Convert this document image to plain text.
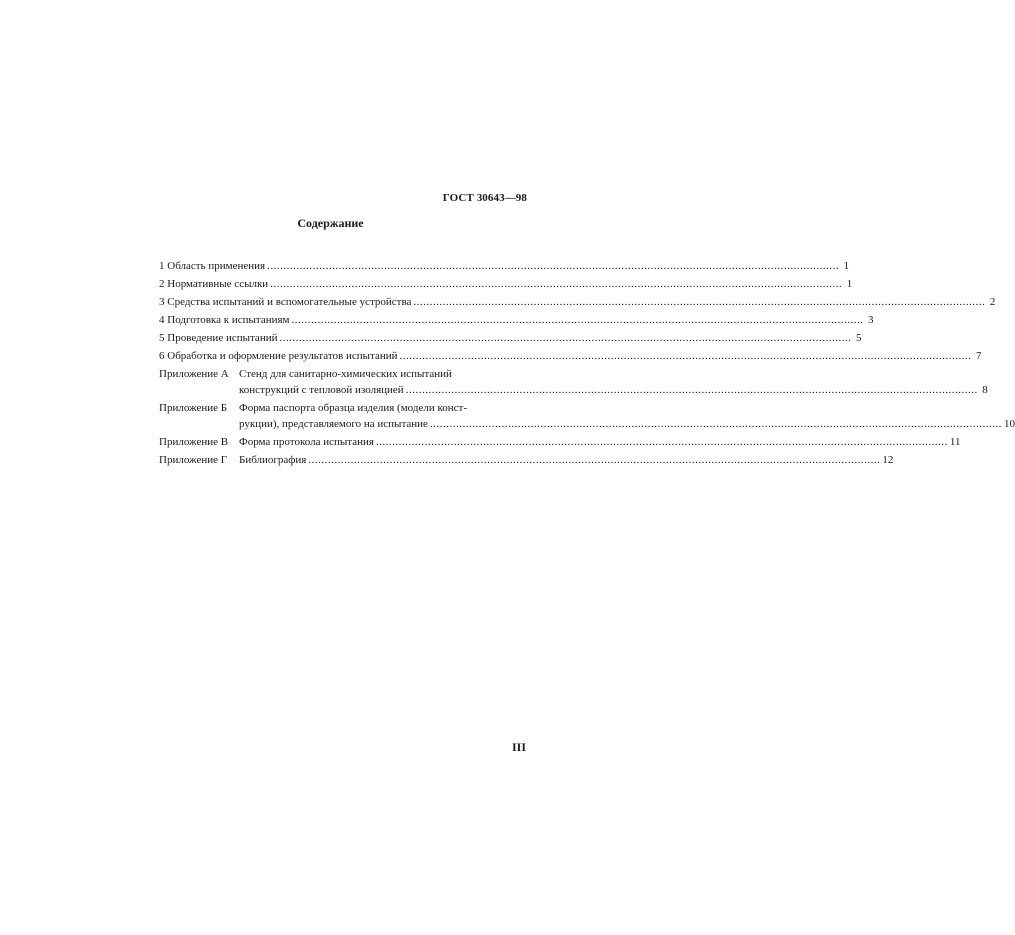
ГОСТ 30643—98
Содержание
1 Область применения .....	1
2 Нормативные ссылки .....	1
3 Средства испытаний и вспомогательные устройства .....	2
4 Подготовка к испытаниям .....	3
5 Проведение испытаний .....	5
6 Обработка и оформление результатов испытаний .....	7
Приложение А Стенд для санитарно-химических испытаний
конструкций с тепловой изоляцией .....	8
Приложение Б	Форма паспорта образца изделия (модели конст-
рукции), представляемого на испытание .....	10
Приложение В Форма протокола испытания .....	11
Приложение Г	Библиография .....	12
III
